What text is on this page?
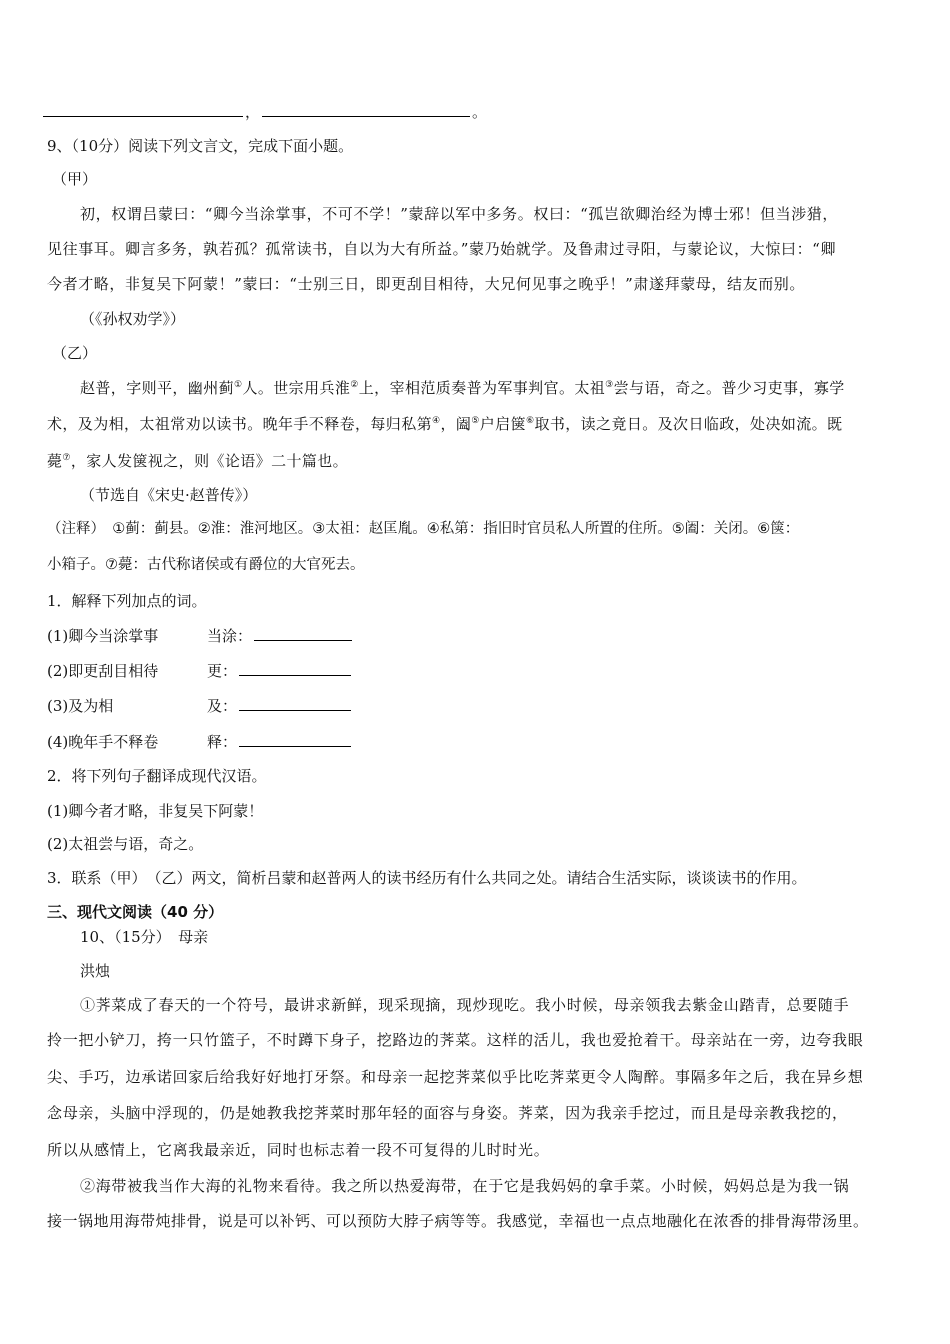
，	。
9、（10分）阅读下列文言文，完成下面小题。
（甲）
初，权谓吕蒙曰：“卿今当涂掌事，不可不学！”蒙辞以军中多务。权曰：“孤岂欲卿治经为博士邪！但当涉猎，
见往事耳。卿言多务，孰若孤？孤常读书，自以为大有所益。”蒙乃始就学。及鲁肃过寻阳，与蒙论议，大惊曰：“卿
今者才略，非复吴下阿蒙！”蒙曰：“士别三日，即更刮目相待，大兄何见事之晚乎！”肃遂拜蒙母，结友而别。
（《孙权劝学》）
（乙）
赵普，字则平，幽州蓟①人。世宗用兵淮②上，宰相范质奏普为军事判官。太祖③尝与语，奇之。普少习吏事，寡学
术，及为相，太祖常劝以读书。晚年手不释卷，每归私第④，阖⑤户启箧⑥取书，读之竟日。及次日临政，处决如流。既
薨⑦，家人发箧视之，则《论语》二十篇也。
（节选自《宋史·赵普传》）
（注释）　①蓟：蓟县。②淮：淮河地区。③太祖：赵匡胤。④私第：指旧时官员私人所置的住所。⑤阖：关闭。⑥箧：
小箱子。⑦薨：古代称诸侯或有爵位的大官死去。
1．解释下列加点的词。
(1)卿今当涂掌事	当涂：
(2)即更刮目相待	更：
(3)及为相	及：
(4)晚年手不释卷	释：
2．将下列句子翻译成现代汉语。
(1)卿今者才略，非复吴下阿蒙！
(2)太祖尝与语，奇之。
3．联系（甲）　（乙）两文，简析吕蒙和赵普两人的读书经历有什么共同之处。请结合生活实际，谈谈读书的作用。
三、现代文阅读（40 分）
10、（15分）　母亲
洪烛
①荠菜成了春天的一个符号，最讲求新鲜，现采现摘，现炒现吃。我小时候，母亲领我去紫金山踏青，总要随手
拎一把小铲刀，挎一只竹篮子，不时蹲下身子，挖路边的荠菜。这样的活儿，我也爱抢着干。母亲站在一旁，边夸我眼
尖、手巧，边承诺回家后给我好好地打牙祭。和母亲一起挖荠菜似乎比吃荠菜更令人陶醉。事隔多年之后，我在异乡想
念母亲，头脑中浮现的，仍是她教我挖荠菜时那年轻的面容与身姿。荠菜，因为我亲手挖过，而且是母亲教我挖的，
所以从感情上，它离我最亲近，同时也标志着一段不可复得的儿时时光。
②海带被我当作大海的礼物来看待。我之所以热爱海带，在于它是我妈妈的拿手菜。小时候，妈妈总是为我一锅
接一锅地用海带炖排骨，说是可以补钙、可以预防大脖子病等等。我感觉，幸福也一点点地融化在浓香的排骨海带汤里。
